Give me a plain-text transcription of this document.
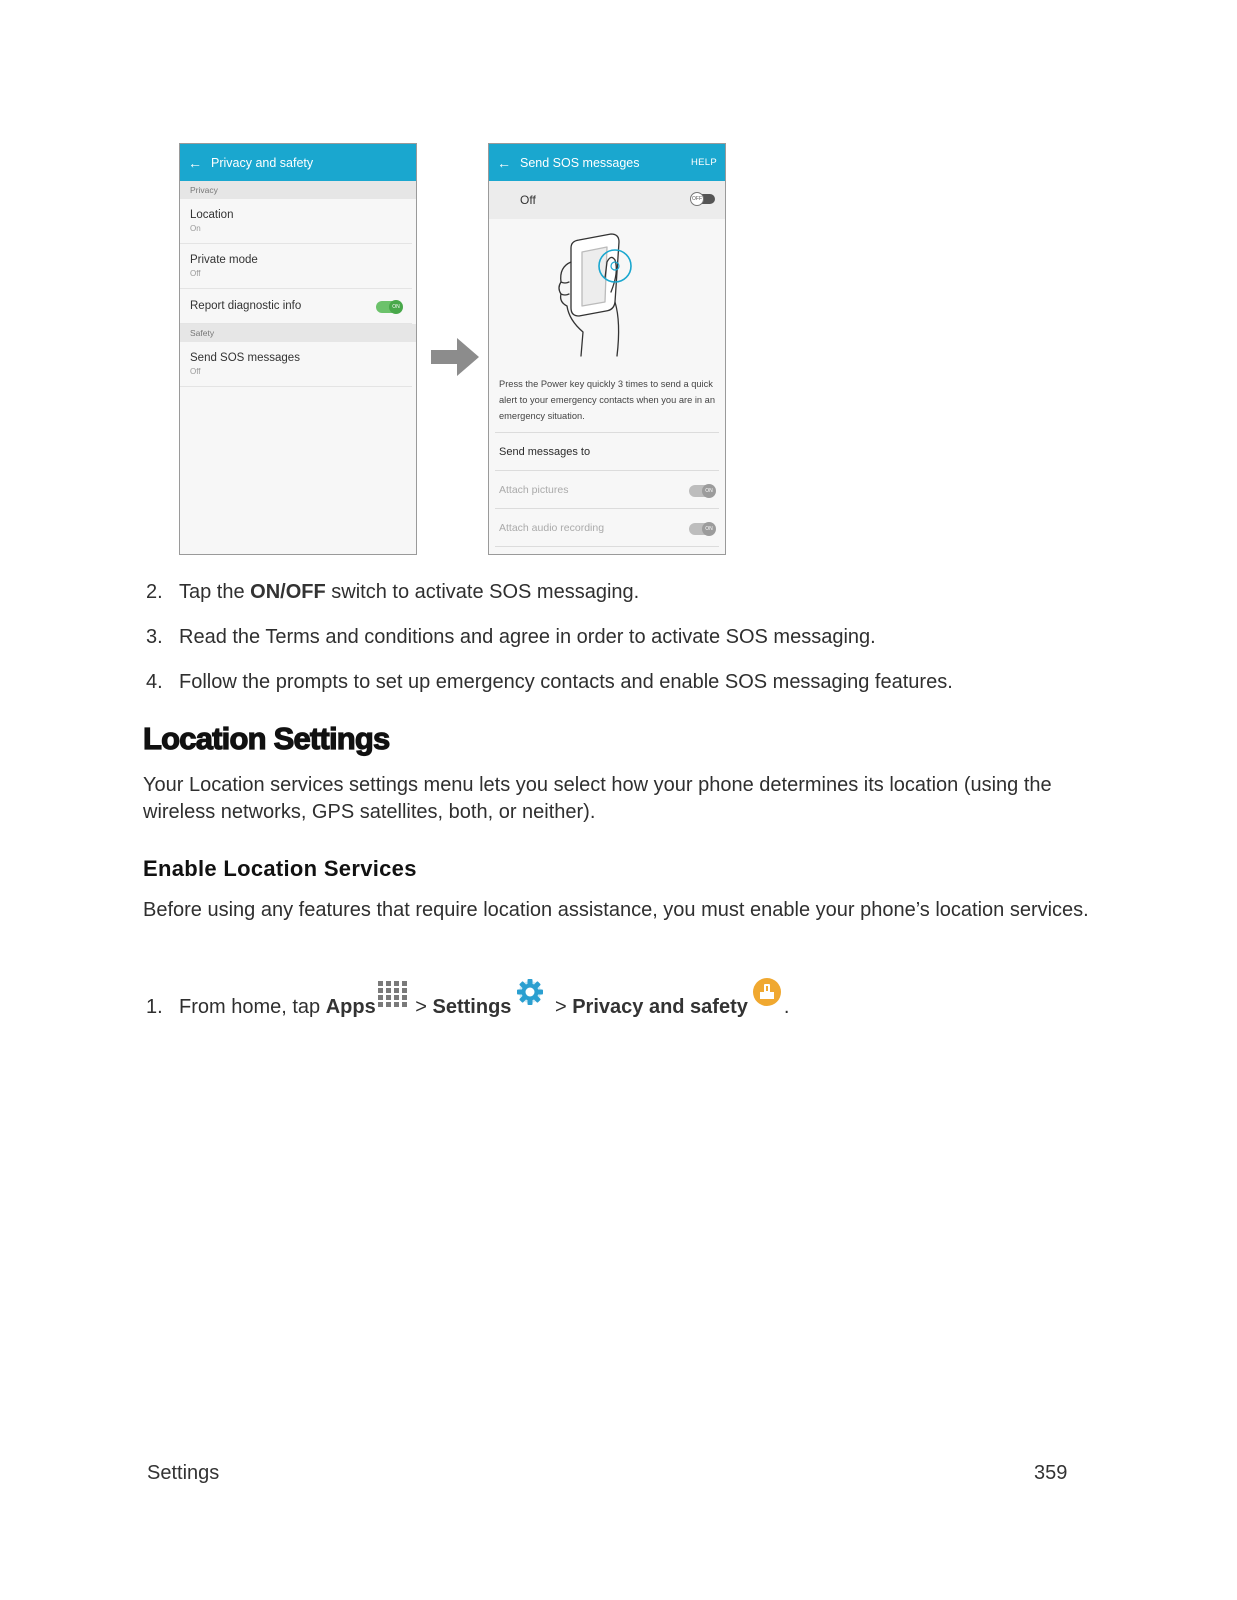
← Privacy and safety
Privacy
Location
On
Private mode
Off
Report diagnostic info	ON
Safety
Send SOS messages
Off
← Send SOS messages	HELP
Off	OFF
Press the Power key quickly 3 times to send a quick alert to your emergency contacts when you are in an emergency situation.
Send messages to
Attach pictures	ON
Attach audio recording	ON
2. Tap the ON/OFF switch to activate SOS messaging.
3. Read the Terms and conditions and agree in order to activate SOS messaging.
4. Follow the prompts to set up emergency contacts and enable SOS messaging features.
Location Settings
Your Location services settings menu lets you select how your phone determines its location (using the wireless networks, GPS satellites, both, or neither).
Enable Location Services
Before using any features that require location assistance, you must enable your phone’s location services.
1. From home, tap Apps > Settings > Privacy and safety .
Settings	359
